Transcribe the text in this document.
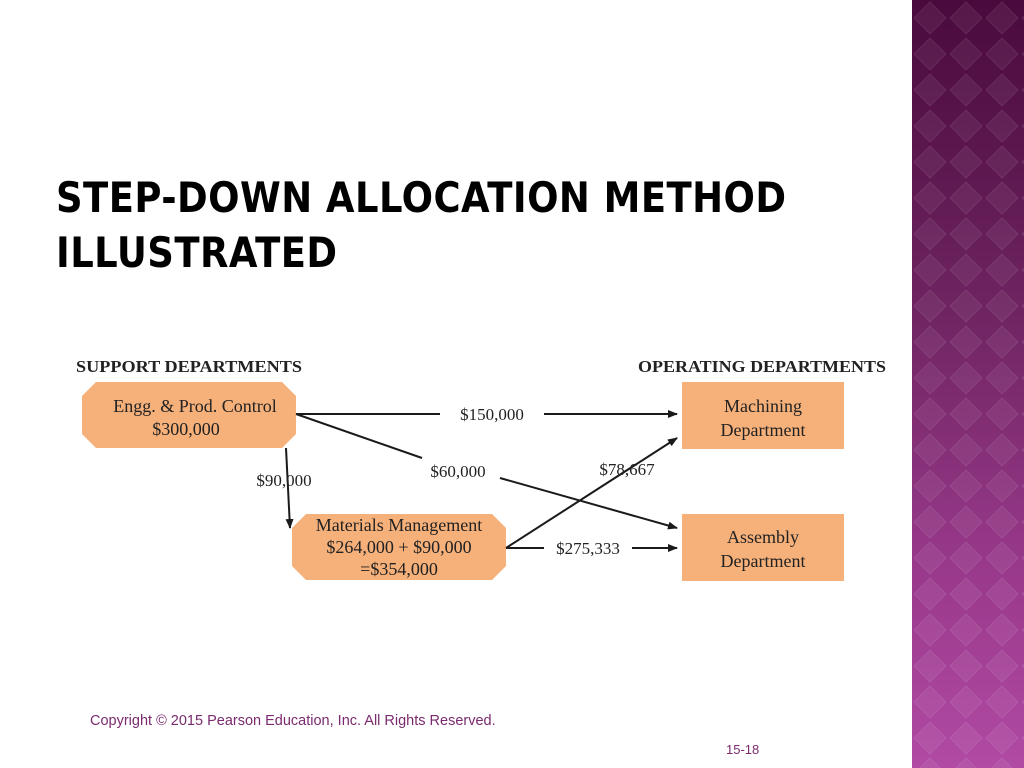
STEP-DOWN ALLOCATION METHOD
ILLUSTRATED
SUPPORT DEPARTMENTS	OPERATING DEPARTMENTS
Engg. & Prod. Control
$300,000
Materials Management
$264,000 + $90,000
=$354,000
Machining
Department
Assembly
Department
$150,000
$90,000	$60,000	$78,667
$275,333
Copyright © 2015 Pearson Education, Inc. All Rights Reserved.
15-18
